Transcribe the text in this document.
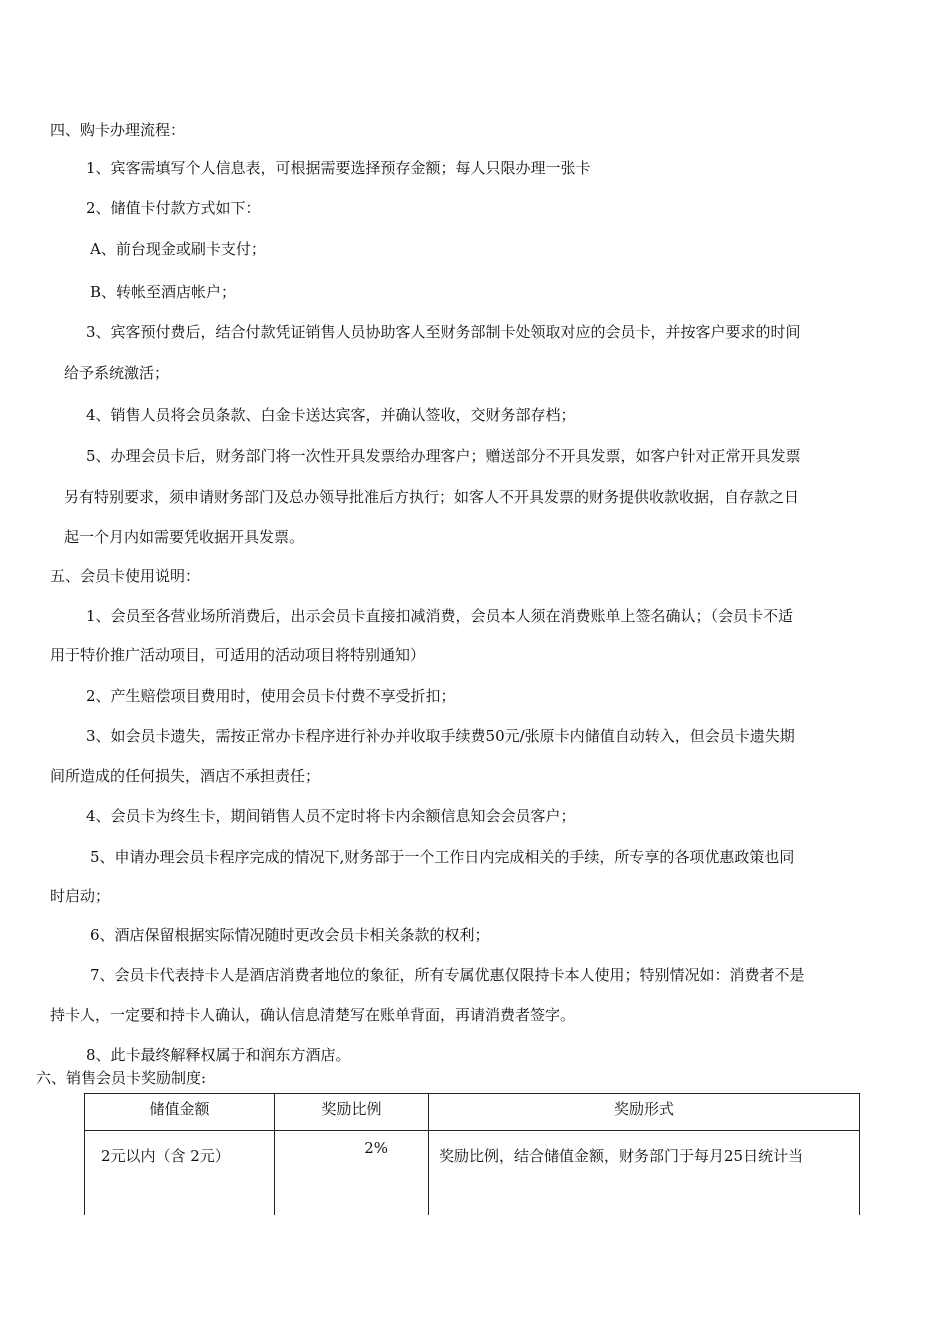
四、购卡办理流程：
1、宾客需填写个人信息表，可根据需要选择预存金额；每人只限办理一张卡
2、储值卡付款方式如下：
A、前台现金或刷卡支付；
B、转帐至酒店帐户；
3、宾客预付费后，结合付款凭证销售人员协助客人至财务部制卡处领取对应的会员卡，并按客户要求的时间
给予系统激活；
4、销售人员将会员条款、白金卡送达宾客，并确认签收，交财务部存档；
5、办理会员卡后，财务部门将一次性开具发票给办理客户；赠送部分不开具发票，如客户针对正常开具发票
另有特别要求，须申请财务部门及总办领导批准后方执行；如客人不开具发票的财务提供收款收据，自存款之日
起一个月内如需要凭收据开具发票。
五、会员卡使用说明：
1、会员至各营业场所消费后，出示会员卡直接扣减消费，会员本人须在消费账单上签名确认；（会员卡不适
用于特价推广活动项目，可适用的活动项目将特别通知）
2、产生赔偿项目费用时，使用会员卡付费不享受折扣；
3、如会员卡遗失，需按正常办卡程序进行补办并收取手续费50元/张原卡内储值自动转入，但会员卡遗失期
间所造成的任何损失，酒店不承担责任；
4、会员卡为终生卡，期间销售人员不定时将卡内余额信息知会会员客户；
5、申请办理会员卡程序完成的情况下,财务部于一个工作日内完成相关的手续，所专享的各项优惠政策也同
时启动；
6、酒店保留根据实际情况随时更改会员卡相关条款的权利；
7、会员卡代表持卡人是酒店消费者地位的象征，所有专属优惠仅限持卡本人使用；特别情况如：消费者不是
持卡人，一定要和持卡人确认，确认信息清楚写在账单背面，再请消费者签字。
8、此卡最终解释权属于和润东方酒店。
六、销售会员卡奖励制度:
储值金额	奖励比例	奖励形式
2元以内（含 2元）	2%	奖励比例，结合储值金额，财务部门于每月25日统计当
